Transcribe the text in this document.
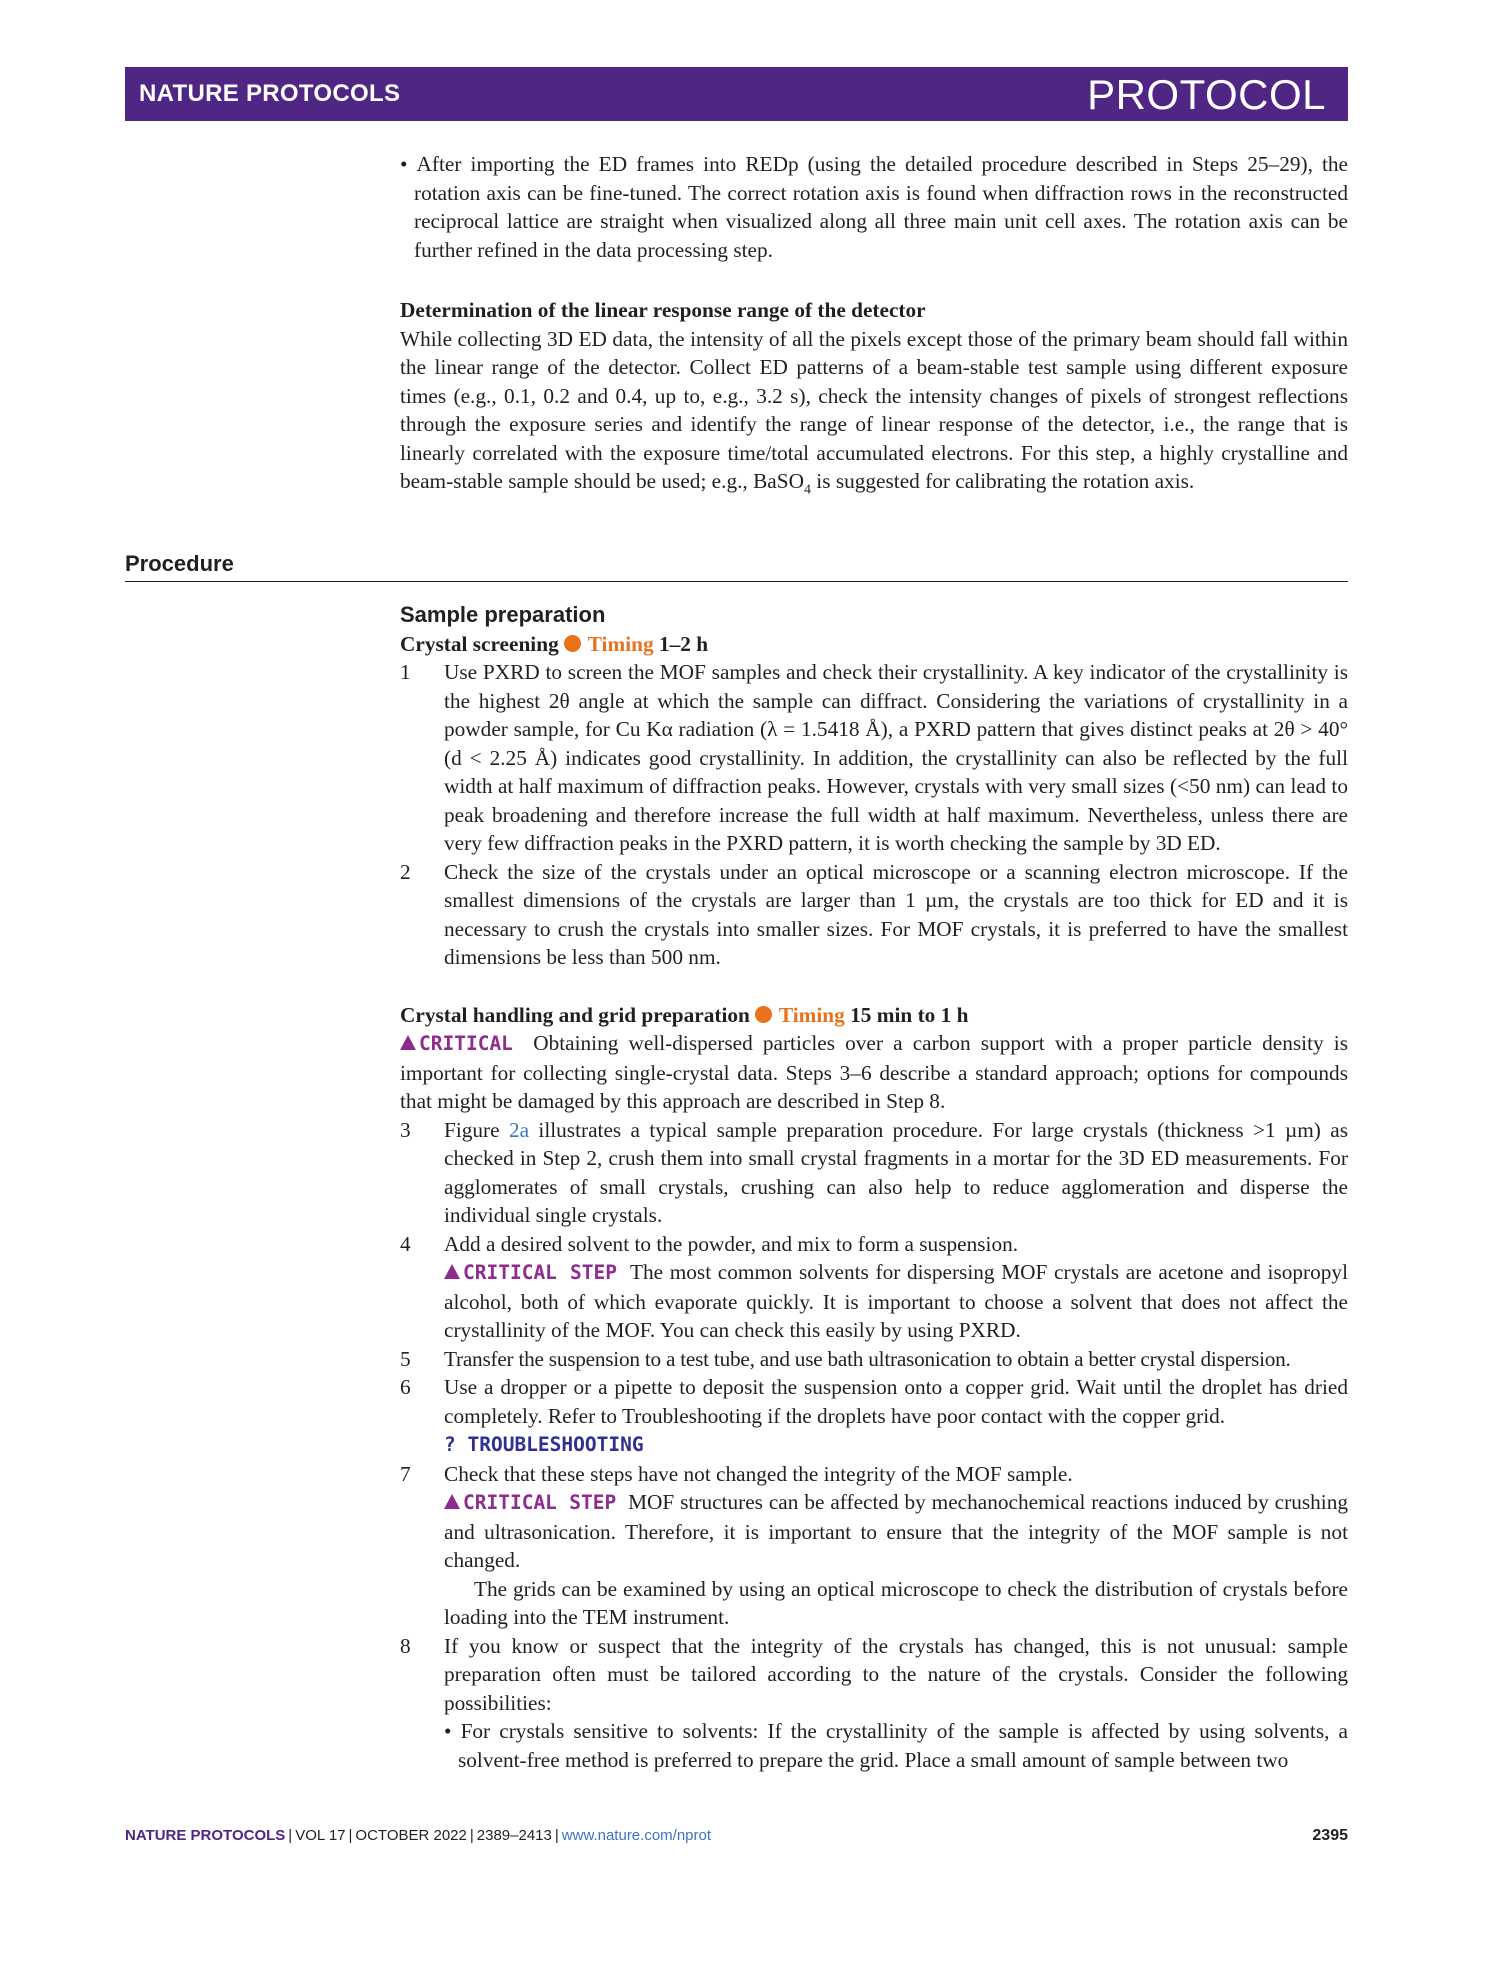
NATURE PROTOCOLS	PROTOCOL

• After importing the ED frames into REDp (using the detailed procedure described in Steps 25–29), the rotation axis can be fine-tuned. The correct rotation axis is found when diffraction rows in the reconstructed reciprocal lattice are straight when visualized along all three main unit cell axes. The rotation axis can be further refined in the data processing step.

Determination of the linear response range of the detector

While collecting 3D ED data, the intensity of all the pixels except those of the primary beam should fall within the linear range of the detector. Collect ED patterns of a beam-stable test sample using different exposure times (e.g., 0.1, 0.2 and 0.4, up to, e.g., 3.2 s), check the intensity changes of pixels of strongest reflections through the exposure series and identify the range of linear response of the detector, i.e., the range that is linearly correlated with the exposure time/total accumulated electrons. For this step, a highly crystalline and beam-stable sample should be used; e.g., BaSO$_4$ is suggested for calibrating the rotation axis.

Procedure
Sample preparation
Crystal screening Timing 1–2 h
1 Use PXRD to screen the MOF samples and check their crystallinity. A key indicator of the crystallinity is the highest 2θ angle at which the sample can diffract. Considering the variations of crystallinity in a powder sample, for Cu Kα radiation (λ = 1.5418 Å), a PXRD pattern that gives distinct peaks at 2θ > 40° (d < 2.25 Å) indicates good crystallinity. In addition, the crystallinity can also be reflected by the full width at half maximum of diffraction peaks. However, crystals with very small sizes (<50 nm) can lead to peak broadening and therefore increase the full width at half maximum. Nevertheless, unless there are very few diffraction peaks in the PXRD pattern, it is worth checking the sample by 3D ED.
2 Check the size of the crystals under an optical microscope or a scanning electron microscope. If the smallest dimensions of the crystals are larger than 1 µm, the crystals are too thick for ED and it is necessary to crush the crystals into smaller sizes. For MOF crystals, it is preferred to have the smallest dimensions be less than 500 nm.
Crystal handling and grid preparation Timing 15 min to 1 h

CRITICAL Obtaining well-dispersed particles over a carbon support with a proper particle density is important for collecting single-crystal data. Steps 3–6 describe a standard approach; options for compounds that might be damaged by this approach are described in Step 8.

3 Figure 2a illustrates a typical sample preparation procedure. For large crystals (thickness >1 µm) as checked in Step 2, crush them into small crystal fragments in a mortar for the 3D ED measurements. For agglomerates of small crystals, crushing can also help to reduce agglomeration and disperse the individual single crystals.
4 Add a desired solvent to the powder, and mix to form a suspension.
CRITICAL STEP The most common solvents for dispersing MOF crystals are acetone and isopropyl alcohol, both of which evaporate quickly. It is important to choose a solvent that does not affect the crystallinity of the MOF. You can check this easily by using PXRD.
5 Transfer the suspension to a test tube, and use bath ultrasonication to obtain a better crystal dispersion.
6 Use a dropper or a pipette to deposit the suspension onto a copper grid. Wait until the droplet has dried completely. Refer to Troubleshooting if the droplets have poor contact with the copper grid.
? TROUBLESHOOTING
7 Check that these steps have not changed the integrity of the MOF sample.
CRITICAL STEP MOF structures can be affected by mechanochemical reactions induced by crushing and ultrasonication. Therefore, it is important to ensure that the integrity of the MOF sample is not changed.
The grids can be examined by using an optical microscope to check the distribution of crystals before loading into the TEM instrument.
8 If you know or suspect that the integrity of the crystals has changed, this is not unusual: sample preparation often must be tailored according to the nature of the crystals. Consider the following possibilities:
• For crystals sensitive to solvents: If the crystallinity of the sample is affected by using solvents, a solvent-free method is preferred to prepare the grid. Place a small amount of sample between two
NATURE PROTOCOLS | VOL 17 | OCTOBER 2022 | 2389–2413 | www.nature.com/nprot	2395
